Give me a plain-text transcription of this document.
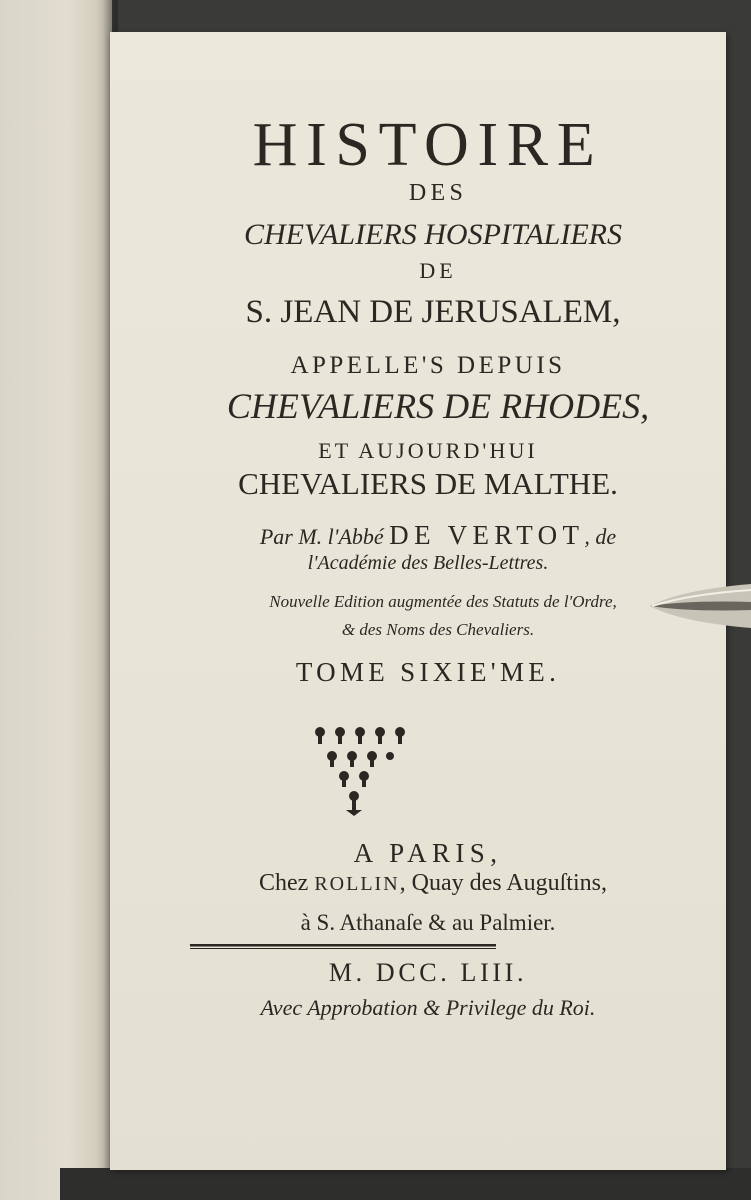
HISTOIRE

DES

CHEVALIERS HOSPITALIERS

DE

S. JEAN DE JERUSALEM,

APPELLE'S DEPUIS

CHEVALIERS DE RHODES,

ET AUJOURD'HUI

CHEVALIERS DE MALTHE.

Par M. l'Abbé DE VERTOT, de

l'Académie des Belles-Lettres.

Nouvelle Edition augmentée des Statuts de l'Ordre,

& des Noms des Chevaliers.

TOME SIXIE'ME.

A PARIS,

Chez ROLLIN, Quay des Auguſtins,

à S. Athanaſe & au Palmier.

M. DCC. LIII.

Avec Approbation & Privilege du Roi.
